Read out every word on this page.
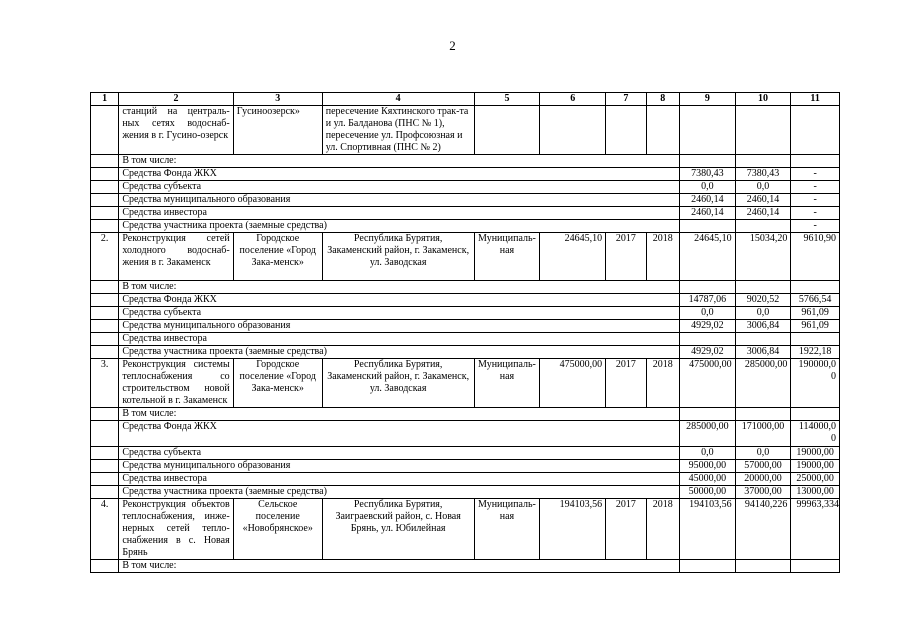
2
1	2	3	4	5	6	7	8	9	10	11
	станций на централь-ных сетях водоснаб-жения в г. Гусино-озерск	Гусиноозерск»	пересечение Кяхтинского трак-та и ул. Балданова (ПНС № 1), пересечение ул. Профсоюзная и ул. Спортивная (ПНС № 2)							
	В том числе:									
	Средства Фонда ЖКХ							7380,43	7380,43	-
	Средства субъекта							0,0	0,0	-
	Средства муниципального образования							2460,14	2460,14	-
	Средства инвестора							2460,14	2460,14	-
	Средства участника проекта (заемные средства)									-
2.	Реконструкция сетей холодного водоснаб-жения в г. Закаменск	Городское поселение «Город Зака-менск»	Республика Бурятия, Закаменский район, г. Закаменск, ул. Заводская	Муниципаль-ная	24645,10	2017	2018	24645,10	15034,20	9610,90
	В том числе:									
	Средства Фонда ЖКХ							14787,06	9020,52	5766,54
	Средства субъекта							0,0	0,0	961,09
	Средства муниципального образования							4929,02	3006,84	961,09
	Средства инвестора									
	Средства участника проекта (заемные средства)							4929,02	3006,84	1922,18
3.	Реконструкция системы теплоснабжения со строительством новой котельной в г. Закаменск	Городское поселение «Город Зака-менск»	Республика Бурятия, Закаменский район, г. Закаменск, ул. Заводская	Муниципаль-ная	475000,00	2017	2018	475000,00	285000,00	190000,00
	В том числе:									
	Средства Фонда ЖКХ							285000,00	171000,00	114000,00
	Средства субъекта							0,0	0,0	19000,00
	Средства муниципального образования							95000,00	57000,00	19000,00
	Средства инвестора							45000,00	20000,00	25000,00
	Средства участника проекта (заемные средства)							50000,00	37000,00	13000,00
4.	Реконструкция объектов теплоснабжения, инже-нерных сетей тепло-снабжения в с. Новая Брянь	Сельское поселение «Новобрянское»	Республика Бурятия, Заиграевский район, с. Новая Брянь, ул. Юбилейная	Муниципаль-ная	194103,56	2017	2018	194103,56	94140,226	99963,334
	В том числе:									
